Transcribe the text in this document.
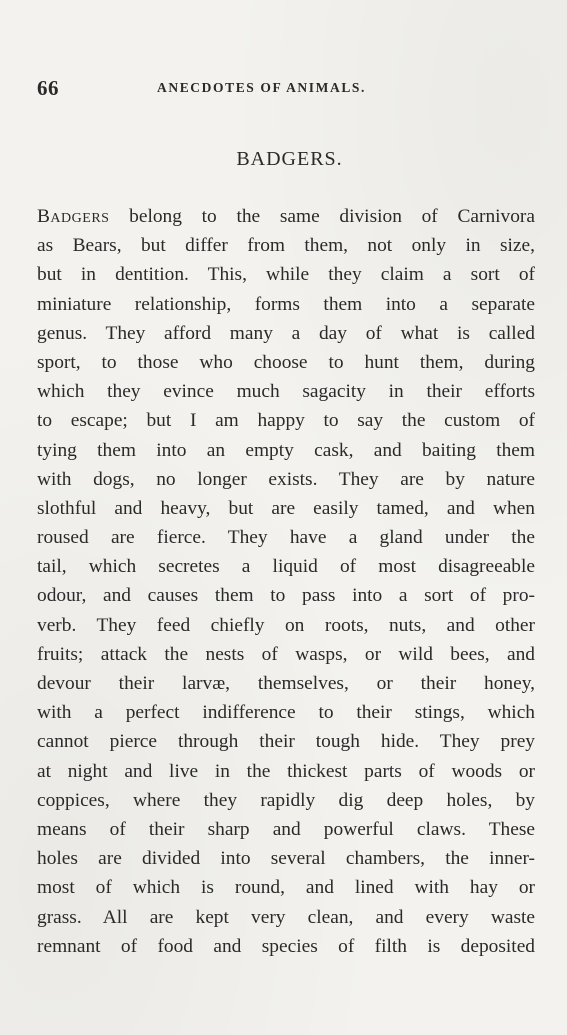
66	ANECDOTES OF ANIMALS.
BADGERS.
Badgers belong to the same division of Carnivora
as Bears, but differ from them, not only in size,
but in dentition. This, while they claim a sort of
miniature relationship, forms them into a separate
genus. They afford many a day of what is called
sport, to those who choose to hunt them, during
which they evince much sagacity in their efforts
to escape; but I am happy to say the custom of
tying them into an empty cask, and baiting them
with dogs, no longer exists. They are by nature
slothful and heavy, but are easily tamed, and when
roused are fierce. They have a gland under the
tail, which secretes a liquid of most disagreeable
odour, and causes them to pass into a sort of pro-
verb. They feed chiefly on roots, nuts, and other
fruits; attack the nests of wasps, or wild bees, and
devour their larvæ, themselves, or their honey,
with a perfect indifference to their stings, which
cannot pierce through their tough hide. They prey
at night and live in the thickest parts of woods or
coppices, where they rapidly dig deep holes, by
means of their sharp and powerful claws. These
holes are divided into several chambers, the inner-
most of which is round, and lined with hay or
grass. All are kept very clean, and every waste
remnant of food and species of filth is deposited
